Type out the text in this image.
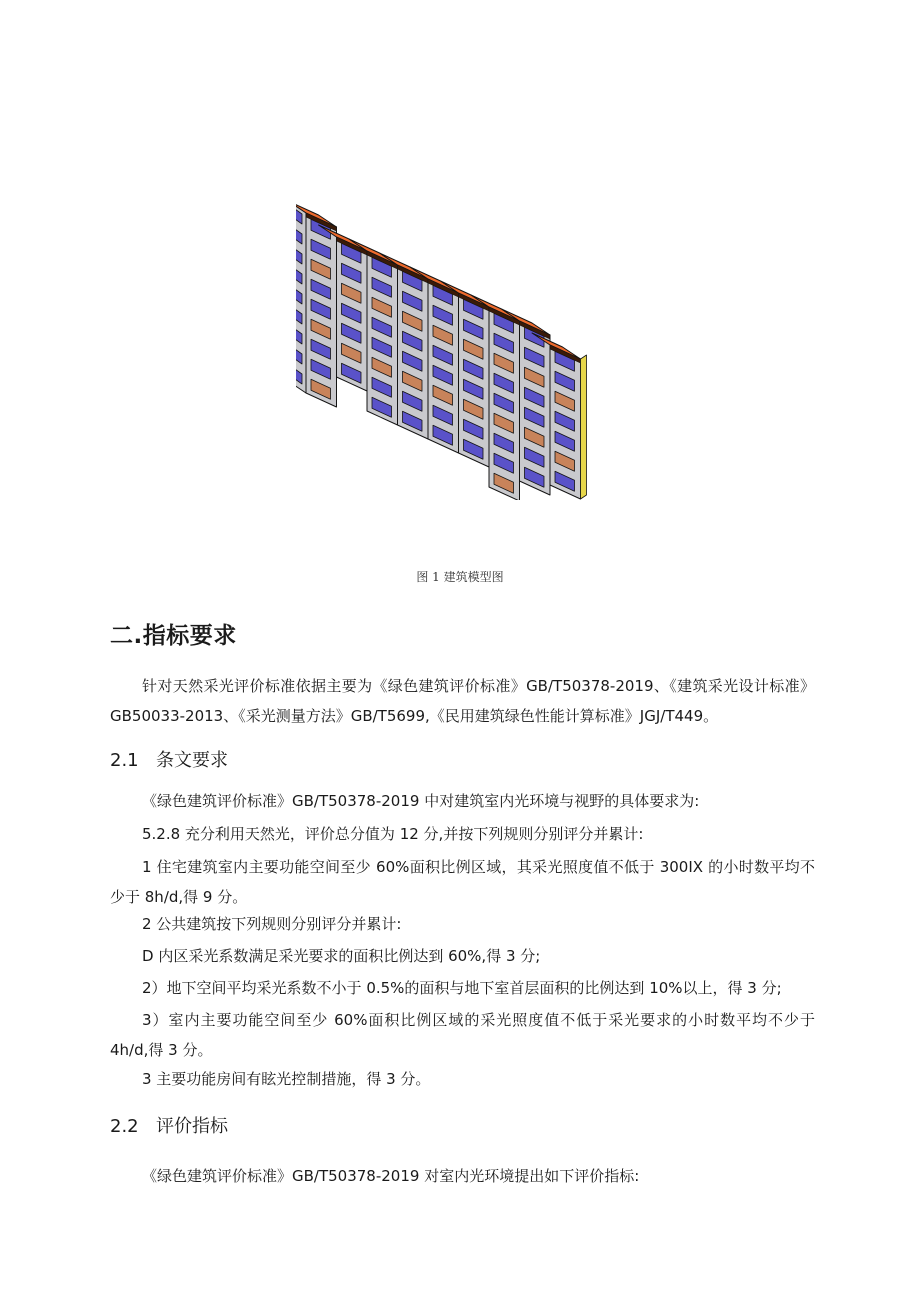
图 1 建筑模型图
二.指标要求
针对天然采光评价标准依据主要为《绿色建筑评价标准》GB/T50378-2019、《建筑采光设计标准》GB50033-2013、《采光测量方法》GB/T5699,《民用建筑绿色性能计算标准》JGJ/T449。
2.1 条文要求
《绿色建筑评价标准》GB/T50378-2019 中对建筑室内光环境与视野的具体要求为:
5.2.8 充分利用天然光，评价总分值为 12 分,并按下列规则分别评分并累计:
1 住宅建筑室内主要功能空间至少 60%面积比例区域，其采光照度值不低于 300IX 的小时数平均不少于 8h∕d,得 9 分。
2 公共建筑按下列规则分别评分并累计:
D 内区采光系数满足采光要求的面积比例达到 60%,得 3 分;
2）地下空间平均采光系数不小于 0.5%的面积与地下室首层面积的比例达到 10%以上，得 3 分;
3）室内主要功能空间至少 60%面积比例区域的采光照度值不低于采光要求的小时数平均不少于 4h∕d,得 3 分。
3 主要功能房间有眩光控制措施，得 3 分。
2.2 评价指标
《绿色建筑评价标准》GB/T50378-2019 对室内光环境提出如下评价指标:
